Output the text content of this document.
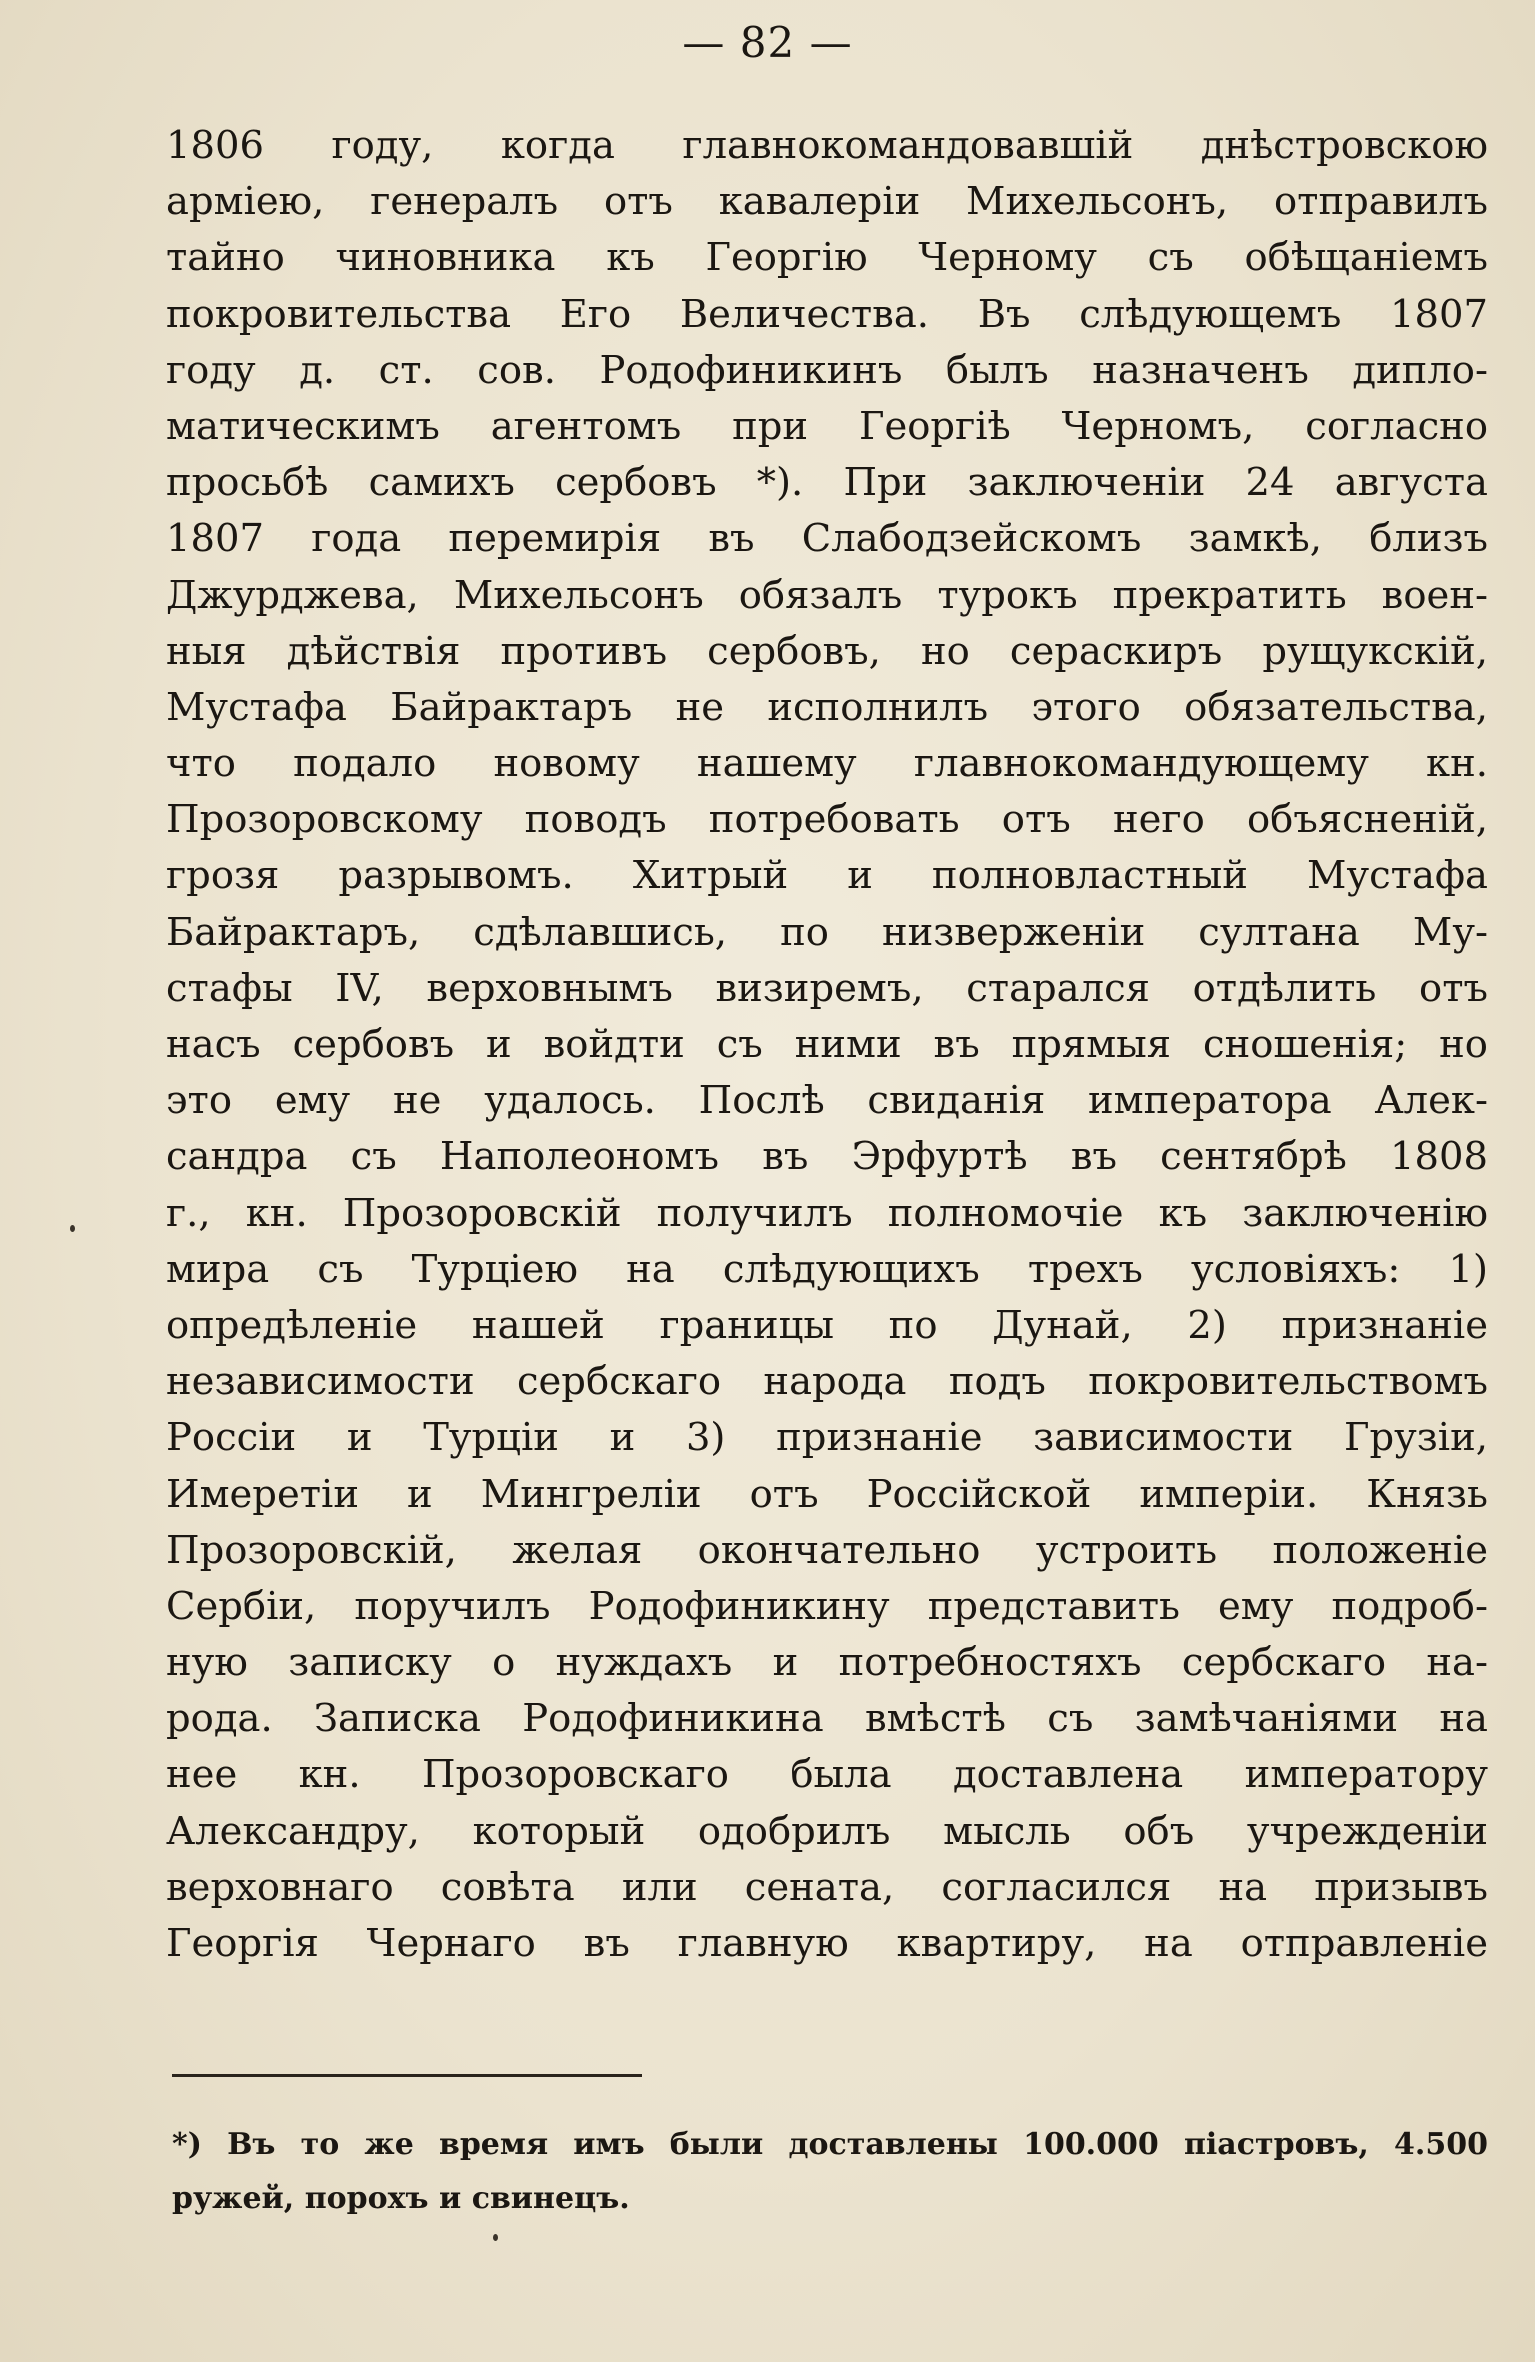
— 82 —
1806 году, когда главнокомандовавшій днѣстровскою
арміею, генералъ отъ кавалеріи Михельсонъ, отправилъ
тайно чиновника къ Георгію Черному съ обѣщаніемъ
покровительства Его Величества. Въ слѣдующемъ 1807
году д. ст. сов. Родофиникинъ былъ назначенъ дипло-
матическимъ агентомъ при Георгіѣ Черномъ, согласно
просьбѣ самихъ сербовъ *). При заключеніи 24 августа
1807 года перемирія въ Слабодзейскомъ замкѣ, близъ
Джурджева, Михельсонъ обязалъ турокъ прекратить воен-
ныя дѣйствія противъ сербовъ, но сераскиръ рущукскій,
Мустафа Байрактаръ не исполнилъ этого обязательства,
что подало новому нашему главнокомандующему кн.
Прозоровскому поводъ потребовать отъ него объясненій,
грозя разрывомъ. Хитрый и полновластный Мустафа
Байрактаръ, сдѣлавшись, по низверженіи султана Му-
стафы IV, верховнымъ визиремъ, старался отдѣлить отъ
насъ сербовъ и войдти съ ними въ прямыя сношенія; но
это ему не удалось. Послѣ свиданія императора Алек-
сандра съ Наполеономъ въ Эрфуртѣ въ сентябрѣ 1808
г., кн. Прозоровскій получилъ полномочіе къ заключенію
мира съ Турціею на слѣдующихъ трехъ условіяхъ: 1)
опредѣленіе нашей границы по Дунай, 2) признаніе
независимости сербскаго народа подъ покровительствомъ
Россіи и Турціи и 3) признаніе зависимости Грузіи,
Имеретіи и Мингреліи отъ Россійской имперіи. Князь
Прозоровскій, желая окончательно устроить положеніе
Сербіи, поручилъ Родофиникину представить ему подроб-
ную записку о нуждахъ и потребностяхъ сербскаго на-
рода. Записка Родофиникина вмѣстѣ съ замѣчаніями на
нее кн. Прозоровскаго была доставлена императору
Александру, который одобрилъ мысль объ учрежденіи
верховнаго совѣта или сената, согласился на призывъ
Георгія Чернаго въ главную квартиру, на отправленіе
*) Въ то же время имъ были доставлены 100.000 піастровъ, 4.500
ружей, порохъ и свинецъ.
